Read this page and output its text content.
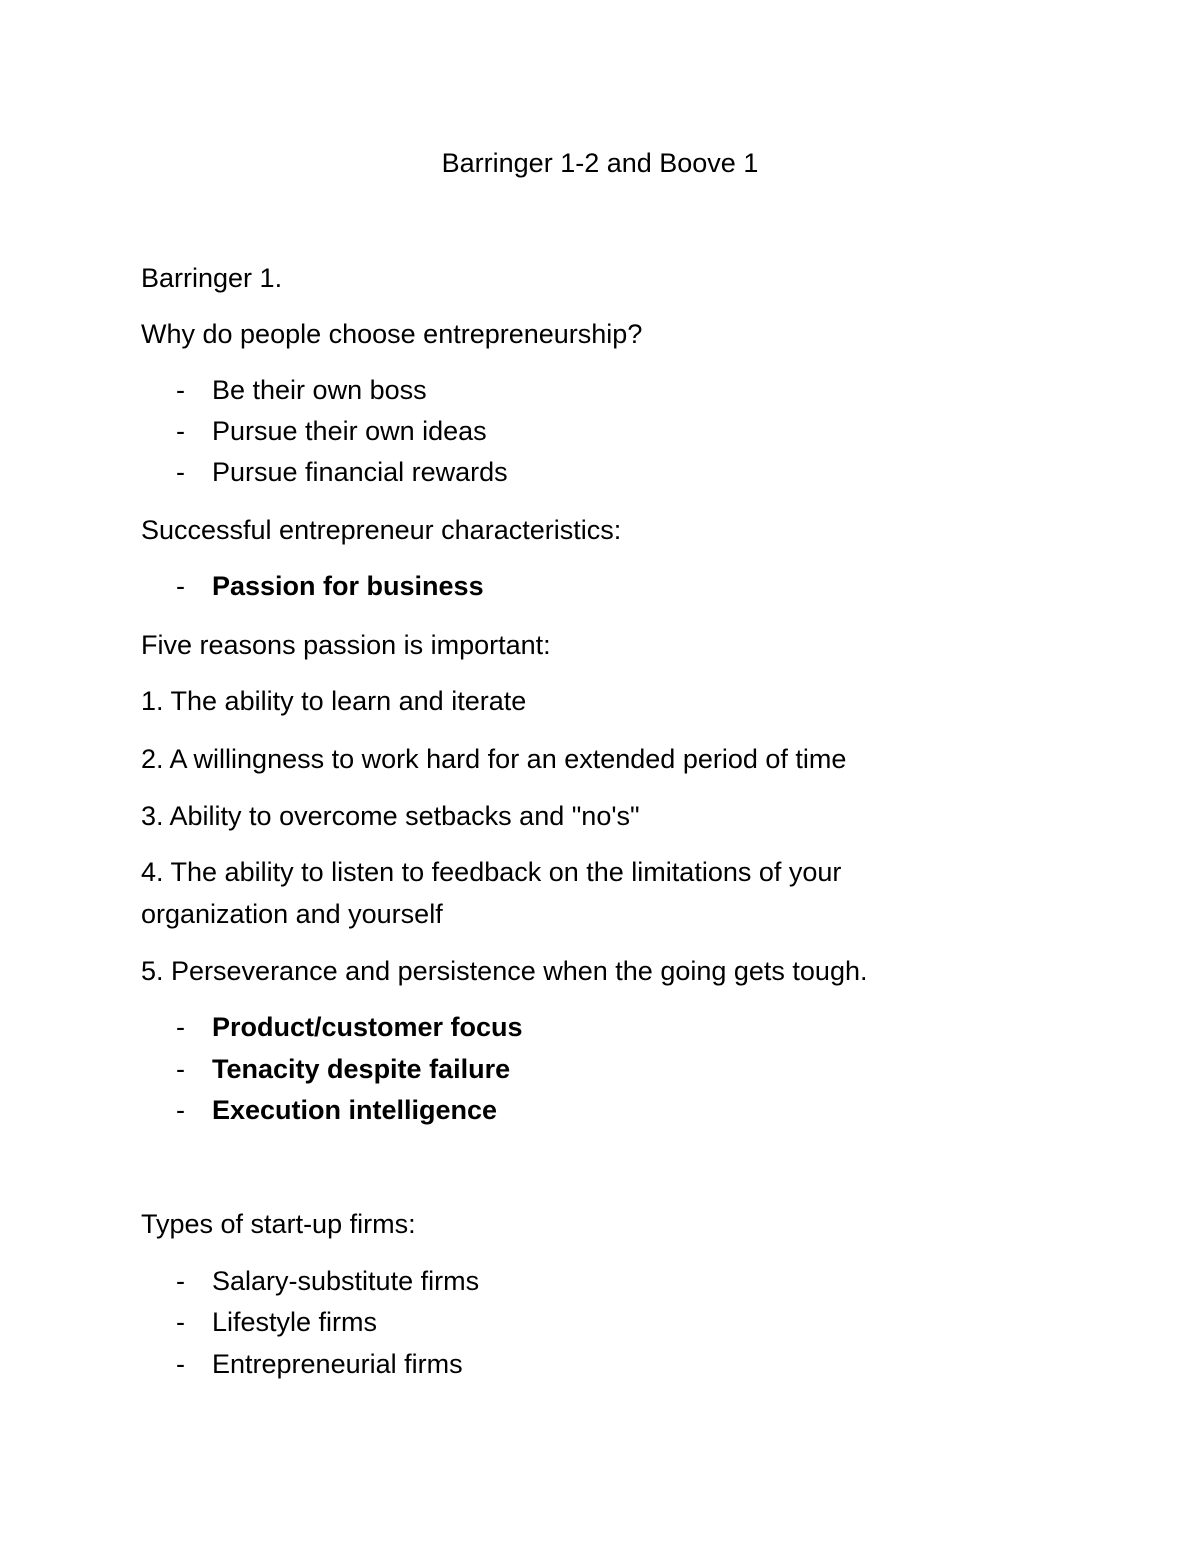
Barringer 1-2 and Boove 1
Barringer 1.
Why do people choose entrepreneurship?
- Be their own boss
- Pursue their own ideas
- Pursue financial rewards
Successful entrepreneur characteristics:
- Passion for business
Five reasons passion is important:
1. The ability to learn and iterate
2. A willingness to work hard for an extended period of time
3. Ability to overcome setbacks and "no's"
4. The ability to listen to feedback on the limitations of your
organization and yourself
5. Perseverance and persistence when the going gets tough.
- Product/customer focus
- Tenacity despite failure
- Execution intelligence
Types of start-up firms:
- Salary-substitute firms
- Lifestyle firms
- Entrepreneurial firms
